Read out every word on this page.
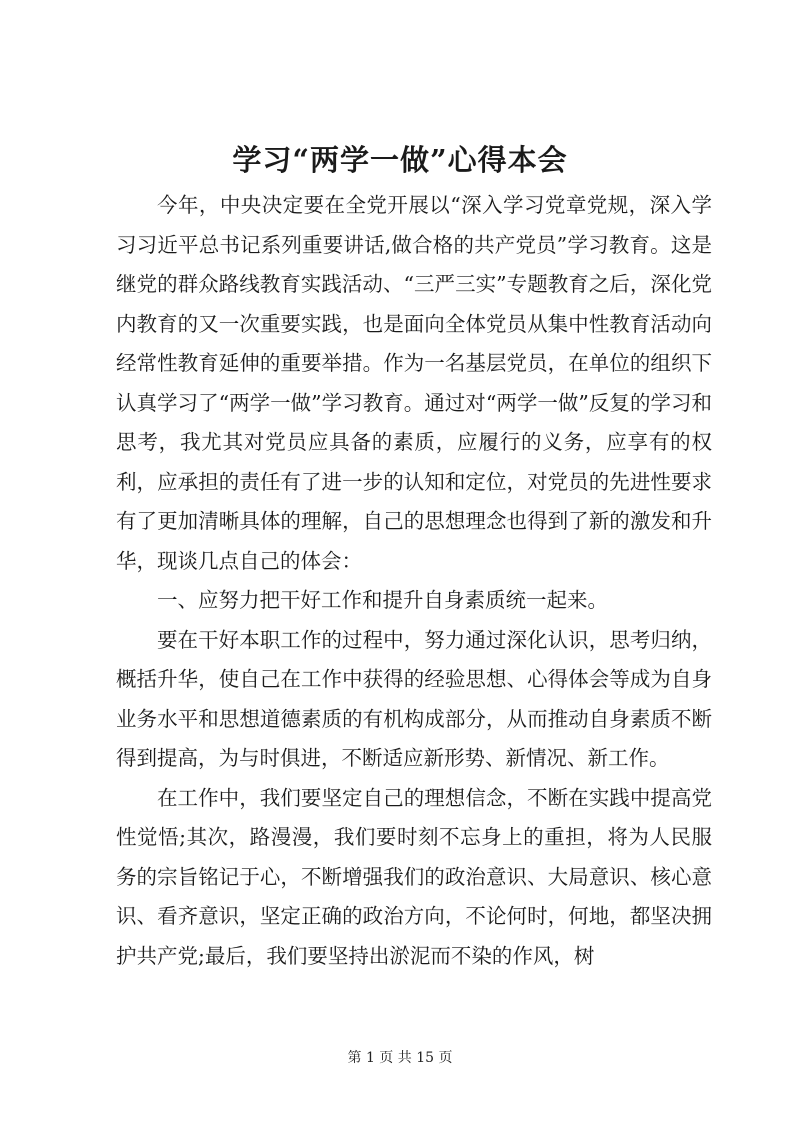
学习“两学一做”心得本会

今年，中央决定要在全党开展以“深入学习党章党规，深入学习习近平总书记系列重要讲话,做合格的共产党员”学习教育。这是继党的群众路线教育实践活动、“三严三实”专题教育之后，深化党内教育的又一次重要实践，也是面向全体党员从集中性教育活动向经常性教育延伸的重要举措。作为一名基层党员，在单位的组织下认真学习了“两学一做”学习教育。通过对“两学一做”反复的学习和思考，我尤其对党员应具备的素质，应履行的义务，应享有的权利，应承担的责任有了进一步的认知和定位，对党员的先进性要求有了更加清晰具体的理解，自己的思想理念也得到了新的激发和升华，现谈几点自己的体会：

一、应努力把干好工作和提升自身素质统一起来。

要在干好本职工作的过程中，努力通过深化认识，思考归纳，概括升华，使自己在工作中获得的经验思想、心得体会等成为自身业务水平和思想道德素质的有机构成部分，从而推动自身素质不断得到提高，为与时俱进，不断适应新形势、新情况、新工作。

在工作中，我们要坚定自己的理想信念，不断在实践中提高党性觉悟;其次，路漫漫，我们要时刻不忘身上的重担，将为人民服务的宗旨铭记于心，不断增强我们的政治意识、大局意识、核心意识、看齐意识，坚定正确的政治方向，不论何时，何地，都坚决拥护共产党;最后，我们要坚持出淤泥而不染的作风，树

第 1 页 共 15 页
